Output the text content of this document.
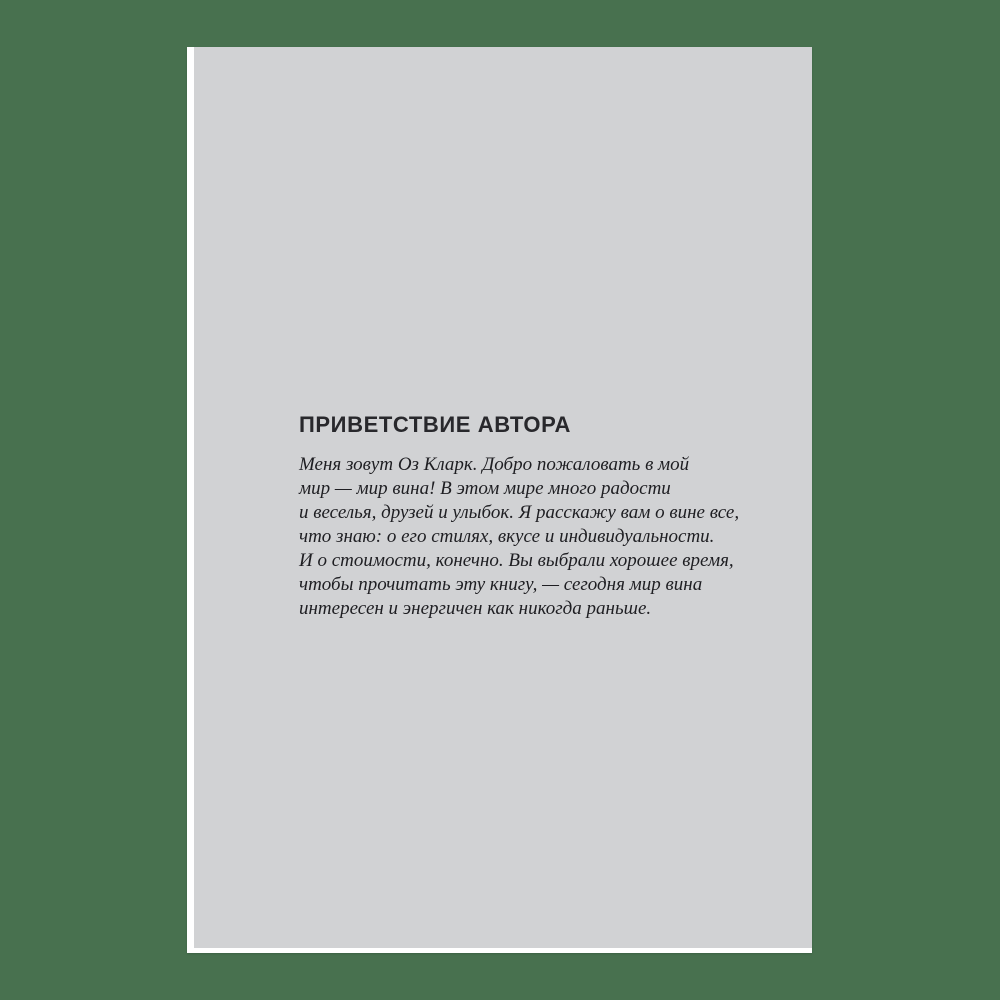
ПРИВЕТСТВИЕ АВТОРА
Меня зовут Оз Кларк. Добро пожаловать в мой
мир — мир вина! В этом мире много радости
и веселья, друзей и улыбок. Я расскажу вам о вине все,
что знаю: о его стилях, вкусе и индивидуальности.
И о стоимости, конечно. Вы выбрали хорошее время,
чтобы прочитать эту книгу, — сегодня мир вина
интересен и энергичен как никогда раньше.
